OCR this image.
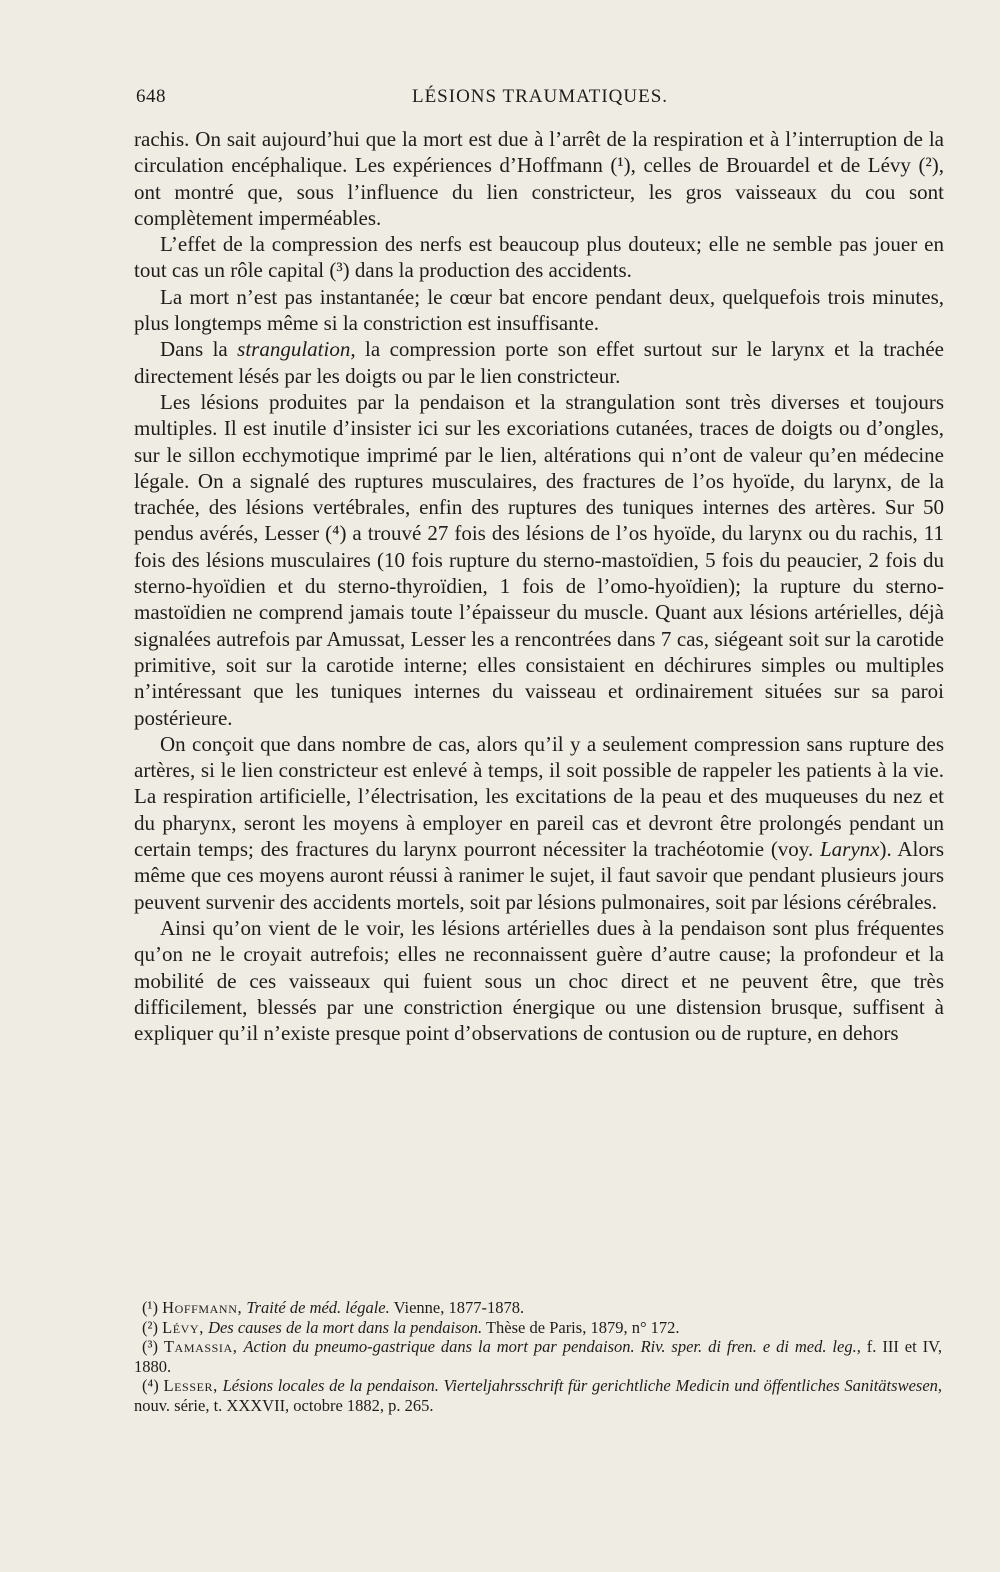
648	LÉSIONS TRAUMATIQUES.

rachis. On sait aujourd’hui que la mort est due à l’arrêt de la respiration et à l’interruption de la circulation encéphalique. Les expériences d’Hoffmann (¹), celles de Brouardel et de Lévy (²), ont montré que, sous l’influence du lien constricteur, les gros vaisseaux du cou sont complètement imperméables.

L’effet de la compression des nerfs est beaucoup plus douteux; elle ne semble pas jouer en tout cas un rôle capital (³) dans la production des accidents.

La mort n’est pas instantanée; le cœur bat encore pendant deux, quelquefois trois minutes, plus longtemps même si la constriction est insuffisante.

Dans la strangulation, la compression porte son effet surtout sur le larynx et la trachée directement lésés par les doigts ou par le lien constricteur.

Les lésions produites par la pendaison et la strangulation sont très diverses et toujours multiples. Il est inutile d’insister ici sur les excoriations cutanées, traces de doigts ou d’ongles, sur le sillon ecchymotique imprimé par le lien, altérations qui n’ont de valeur qu’en médecine légale. On a signalé des ruptures musculaires, des fractures de l’os hyoïde, du larynx, de la trachée, des lésions vertébrales, enfin des ruptures des tuniques internes des artères. Sur 50 pendus avérés, Lesser (⁴) a trouvé 27 fois des lésions de l’os hyoïde, du larynx ou du rachis, 11 fois des lésions musculaires (10 fois rupture du sterno-mastoïdien, 5 fois du peaucier, 2 fois du sterno-hyoïdien et du sterno-thyroïdien, 1 fois de l’omo-hyoïdien); la rupture du sterno-mastoïdien ne comprend jamais toute l’épaisseur du muscle. Quant aux lésions artérielles, déjà signalées autrefois par Amussat, Lesser les a rencontrées dans 7 cas, siégeant soit sur la carotide primitive, soit sur la carotide interne; elles consistaient en déchirures simples ou multiples n’intéressant que les tuniques internes du vaisseau et ordinairement situées sur sa paroi postérieure.

On conçoit que dans nombre de cas, alors qu’il y a seulement compression sans rupture des artères, si le lien constricteur est enlevé à temps, il soit possible de rappeler les patients à la vie. La respiration artificielle, l’électrisation, les excitations de la peau et des muqueuses du nez et du pharynx, seront les moyens à employer en pareil cas et devront être prolongés pendant un certain temps; des fractures du larynx pourront nécessiter la trachéotomie (voy. Larynx). Alors même que ces moyens auront réussi à ranimer le sujet, il faut savoir que pendant plusieurs jours peuvent survenir des accidents mortels, soit par lésions pulmonaires, soit par lésions cérébrales.

Ainsi qu’on vient de le voir, les lésions artérielles dues à la pendaison sont plus fréquentes qu’on ne le croyait autrefois; elles ne reconnaissent guère d’autre cause; la profondeur et la mobilité de ces vaisseaux qui fuient sous un choc direct et ne peuvent être, que très difficilement, blessés par une constriction énergique ou une distension brusque, suffisent à expliquer qu’il n’existe presque point d’observations de contusion ou de rupture, en dehors

(¹) Hoffmann, Traité de méd. légale. Vienne, 1877-1878.

(²) Lévy, Des causes de la mort dans la pendaison. Thèse de Paris, 1879, n° 172.

(³) Tamassia, Action du pneumo-gastrique dans la mort par pendaison. Riv. sper. di fren. e di med. leg., f. III et IV, 1880.

(⁴) Lesser, Lésions locales de la pendaison. Vierteljahrsschrift für gerichtliche Medicin und öffentliches Sanitätswesen, nouv. série, t. XXXVII, octobre 1882, p. 265.
